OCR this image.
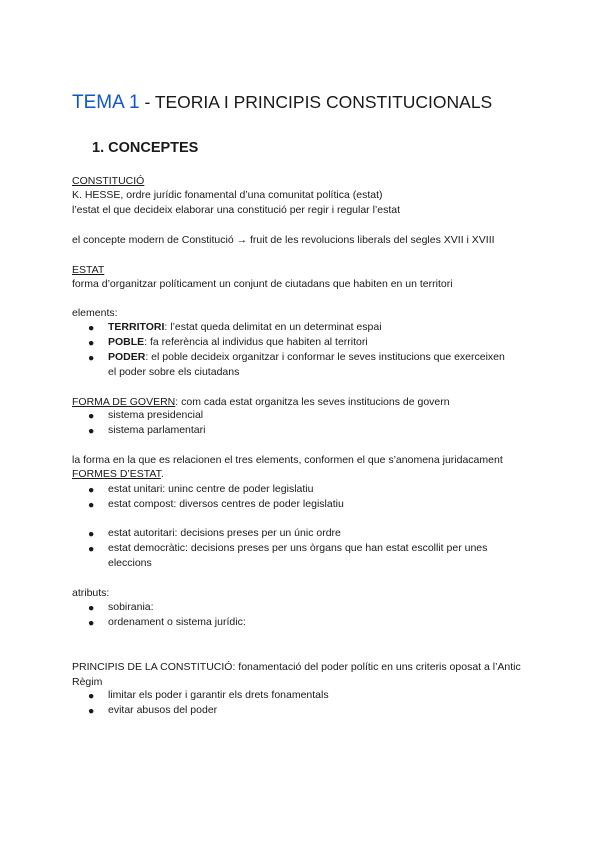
TEMA 1 - TEORIA I PRINCIPIS CONSTITUCIONALS
1. CONCEPTES
CONSTITUCIÓ
K. HESSE, ordre jurídic fonamental d’una comunitat política (estat)
l’estat el que decideix elaborar una constitució per regir i regular l’estat
el concepte modern de Constitució → fruit de les revolucions liberals del segles XVII i XVIII
ESTAT
forma d’organitzar políticament un conjunt de ciutadans que habiten en un territori
elements:
● TERRITORI: l’estat queda delimitat en un determinat espai
● POBLE: fa referència al individus que habiten al territori
● PODER: el poble decideix organitzar i conformar le seves institucions que exerceixen el poder sobre els ciutadans
FORMA DE GOVERN: com cada estat organitza les seves institucions de govern
● sistema presidencial
● sistema parlamentari
la forma en la que es relacionen el tres elements, conformen el que s’anomena juridacament
FORMES D’ESTAT.
● estat unitari: uninc centre de poder legislatiu
● estat compost: diversos centres de poder legislatiu
● estat autoritari: decisions preses per un únic ordre
● estat democràtic: decisions preses per uns òrgans que han estat escollit per unes eleccions
atributs:
● sobirania:
● ordenament o sistema jurídic:
PRINCIPIS DE LA CONSTITUCIÓ: fonamentació del poder polític en uns criteris oposat a l’Antic Règim
● limitar els poder i garantir els drets fonamentals
● evitar abusos del poder
